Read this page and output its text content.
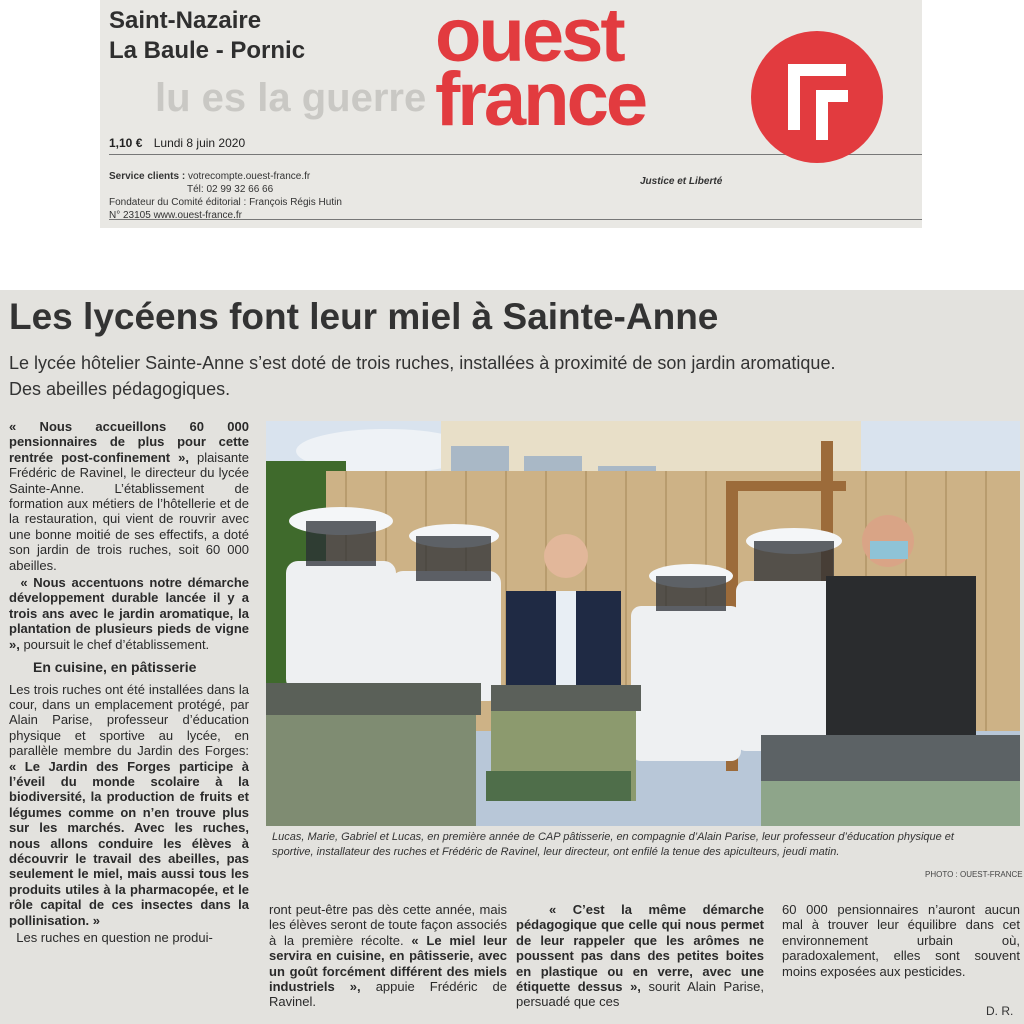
lu es la guerre
Saint-Nazaire
La Baule - Pornic
1,10 € Lundi 8 juin 2020
Service clients : votrecompte.ouest-france.fr
Tél: 02 99 32 66 66
Fondateur du Comité éditorial : François Régis Hutin
N° 23105 www.ouest-france.fr
ouest
france
Justice et Liberté
Les lycéens font leur miel à Sainte-Anne
Le lycée hôtelier Sainte-Anne s’est doté de trois ruches, installées à proximité de son jardin aromatique. Des abeilles pédagogiques.

« Nous accueillons 60 000 pensionnaires de plus pour cette rentrée post-confinement », plaisante Frédéric de Ravinel, le directeur du lycée Sainte-Anne. L’établissement de formation aux métiers de l’hôtellerie et de la restauration, qui vient de rouvrir avec une bonne moitié de ses effectifs, a doté son jardin de trois ruches, soit 60 000 abeilles.

« Nous accentuons notre démarche développement durable lancée il y a trois ans avec le jardin aromatique, la plantation de plusieurs pieds de vigne », poursuit le chef d’établissement.

En cuisine, en pâtisserie

Les trois ruches ont été installées dans la cour, dans un emplacement protégé, par Alain Parise, professeur d’éducation physique et sportive au lycée, en parallèle membre du Jardin des Forges: « Le Jardin des Forges participe à l’éveil du monde scolaire à la biodiversité, la production de fruits et légumes comme on n’en trouve plus sur les marchés. Avec les ruches, nous allons conduire les élèves à découvrir le travail des abeilles, pas seulement le miel, mais aussi tous les produits utiles à la pharmacopée, et le rôle capital de ces insectes dans la pollinisation. »

Les ruches en question ne produi-

Lucas, Marie, Gabriel et Lucas, en première année de CAP pâtisserie, en compagnie d’Alain Parise, leur professeur d’éducation physique et sportive, installateur des ruches et Frédéric de Ravinel, leur directeur, ont enfilé la tenue des apiculteurs, jeudi matin.
PHOTO : OUEST-FRANCE

ront peut-être pas dès cette année, mais les élèves seront de toute façon associés à la première récolte. « Le miel leur servira en cuisine, en pâtisserie, avec un goût forcément différent des miels industriels », appuie Frédéric de Ravinel.

« C’est la même démarche pédagogique que celle qui nous permet de leur rappeler que les arômes ne poussent pas dans des petites boites en plastique ou en verre, avec une étiquette dessus », sourit Alain Parise, persuadé que ces

60 000 pensionnaires n’auront aucun mal à trouver leur équilibre dans cet environnement urbain où, paradoxalement, elles sont souvent moins exposées aux pesticides.

D. R.
